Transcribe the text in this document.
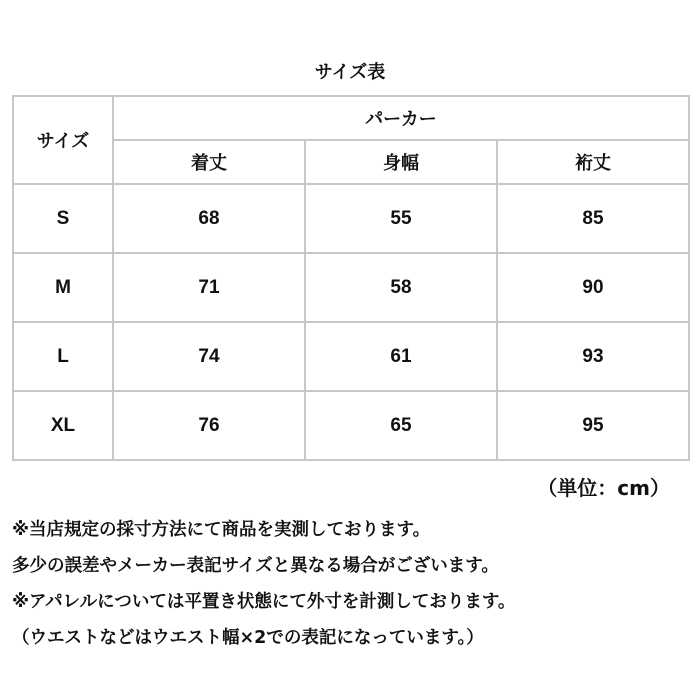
サイズ表
サイズ	パーカー		
	着丈	身幅	裄丈
S	68	55	85
M	71	58	90
L	74	61	93
XL	76	65	95
（単位：cm）
※当店規定の採寸方法にて商品を実測しております。
多少の誤差やメーカー表記サイズと異なる場合がございます。
※アパレルについては平置き状態にて外寸を計測しております。
（ウエストなどはウエスト幅×2での表記になっています。）
